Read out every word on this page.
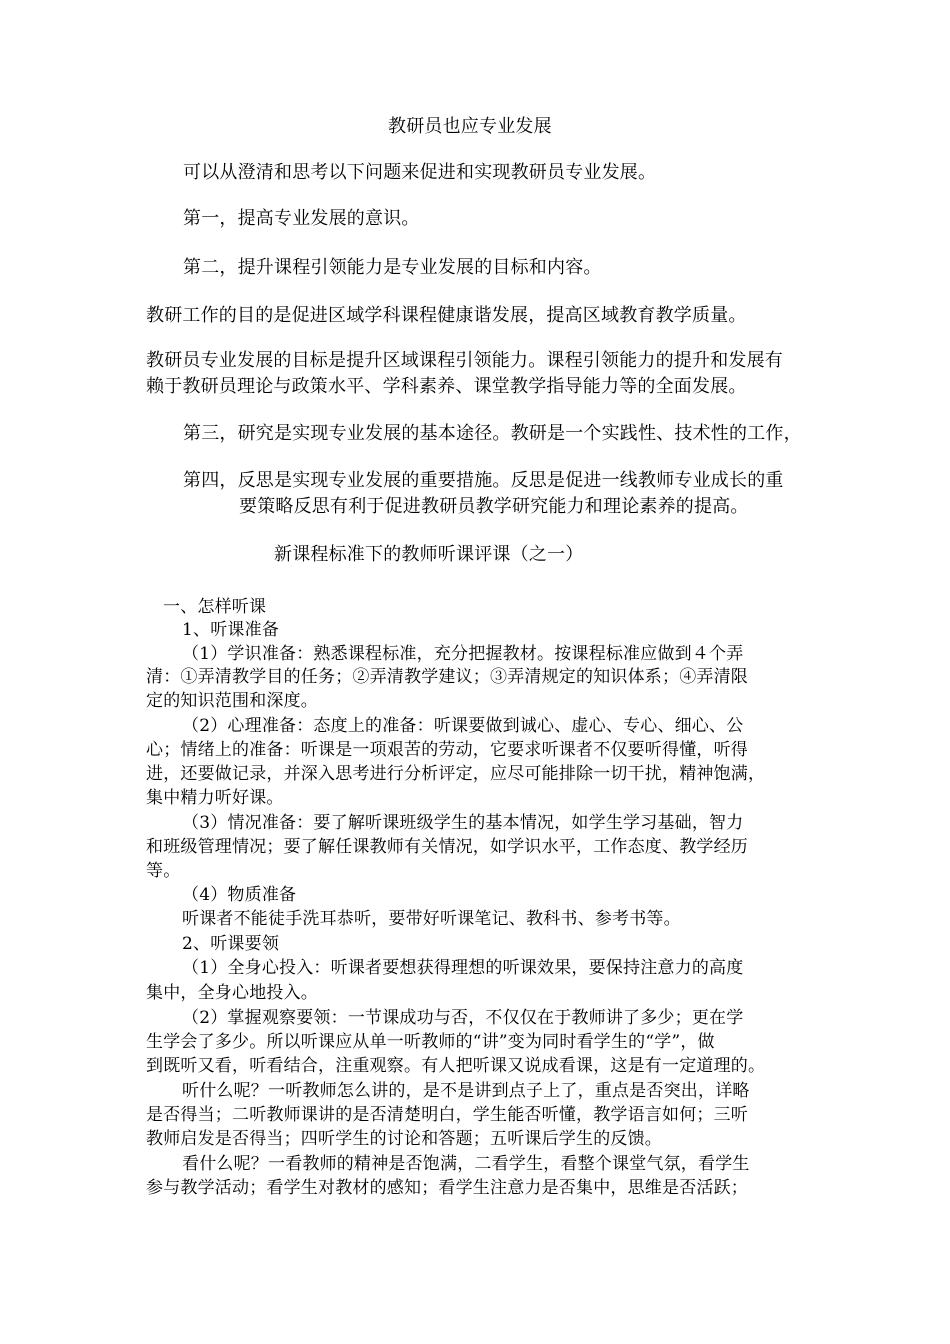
教研员也应专业发展
可以从澄清和思考以下问题来促进和实现教研员专业发展。
第一，提高专业发展的意识。
第二，提升课程引领能力是专业发展的目标和内容。
教研工作的目的是促进区域学科课程健康谐发展，提高区域教育教学质量。
教研员专业发展的目标是提升区域课程引领能力。课程引领能力的提升和发展有
赖于教研员理论与政策水平、学科素养、课堂教学指导能力等的全面发展。
第三，研究是实现专业发展的基本途径。教研是一个实践性、技术性的工作，
第四，反思是实现专业发展的重要措施。反思是促进一线教师专业成长的重
要策略反思有利于促进教研员教学研究能力和理论素养的提高。
新课程标准下的教师听课评课（之一）
一、怎样听课
1、听课准备
（1）学识准备：熟悉课程标准，充分把握教材。按课程标准应做到４个弄
清：①弄清教学目的任务；②弄清教学建议；③弄清规定的知识体系；④弄清限
定的知识范围和深度。
（2）心理准备：态度上的准备：听课要做到诚心、虚心、专心、细心、公
心；情绪上的准备：听课是一项艰苦的劳动，它要求听课者不仅要听得懂，听得
进，还要做记录，并深入思考进行分析评定，应尽可能排除一切干扰，精神饱满，
集中精力听好课。
（3）情况准备：要了解听课班级学生的基本情况，如学生学习基础，智力
和班级管理情况；要了解任课教师有关情况，如学识水平，工作态度、教学经历
等。
（4）物质准备
听课者不能徒手洗耳恭听，要带好听课笔记、教科书、参考书等。
2、听课要领
（1）全身心投入：听课者要想获得理想的听课效果，要保持注意力的高度
集中，全身心地投入。
（2）掌握观察要领：一节课成功与否，不仅仅在于教师讲了多少；更在学
生学会了多少。所以听课应从单一听教师的“讲”变为同时看学生的“学”，做
到既听又看，听看结合，注重观察。有人把听课又说成看课，这是有一定道理的。
听什么呢？一听教师怎么讲的，是不是讲到点子上了，重点是否突出，详略
是否得当；二听教师课讲的是否清楚明白，学生能否听懂，教学语言如何；三听
教师启发是否得当；四听学生的讨论和答题；五听课后学生的反馈。
看什么呢？一看教师的精神是否饱满，二看学生，看整个课堂气氛，看学生
参与教学活动；看学生对教材的感知；看学生注意力是否集中，思维是否活跃；
